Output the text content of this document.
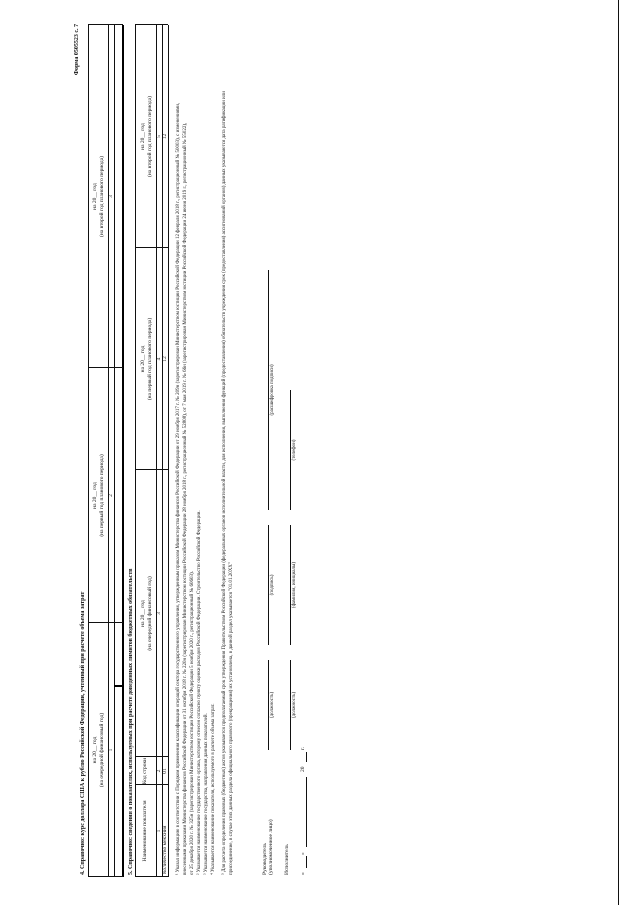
Форма 0505523 с. 7
4. Справочно: курс доллара США к рублю Российской Федерации, учтенный при расчете объема затрат на 20__ год (на очередной финансовый год) 1
на 20__ год (на первый год планового периода) 2
на 20__ год (на второй год планового периода) 3
5. Справочно: сведения о показателях, используемых при расчете доведенных лимитов бюджетных обязательств Наименование показателя
Код строки
на 20__ год (на очередной финансовый год)
на 20__ год (на первый год планового периода)
на 20__ год (на второй год планового периода)
1
2
3
4
5
Количество мекхния
01
12
12 ¹ Указал информацию в соответствии с Порядком применения классификации операций сектора государственного управления, утвержденным приказом Министерства финансов Российской Федерации от 29 ноября 2017 г. № 209н (зарегистрирован Министерством юстиции Российской Федерации 12 февраля 2018 г., регистрационный № 50003), с изменениями, внесенными приказами Министерства финансов Российской Федерации от 31 октября 2018 г. № 220н (зарегистрирован Министерством юстиции Российской Федерации 28 ноября 2018 г., регистрационный № 52808), от 7 мая 2019 г. № 66н (зарегистрирован Министерством юстиции Российской Федерации 24 июня 2019 г., регистрационный № 55022), от 25 декабря 2020 г. № 325н (зарегистрирован Министерством юстиции Российской Федерации 5 ноября 2020 г., регистрационный № 60603). ² Указывается наименование государственного органа, которому отнесен согласно пункту оценки расходов Российской Федерации. Строительство Российской Федерации. ³ Указывается наименование государства, направления данных показателей. ⁴ Указывается наименование показателя, используемого в расчете объема затрат. ⁵ Для расчета определения правовых (бюджетных) актов указывается предполагаемый срок утверждения Правительством Российской Федерации (федеральных органов исполнительной власти, для исполнения, выполнения функций (предоставления) обязательств учреждения срок (предоставления) ассигнований органов) данных указываются дата ратификации или присоединение, в случае этих данных раздела официального правового (прекращения) их установлена, в данной раздел указывается "01.01.20ХХ"	Руководитель (уполномоченное лицо)
(должность)
(подпись)
(расшифровка подписи)
Исполнитель
(должность)
(фамилия, инициалы)
(телефон)
«
»
20
г.
